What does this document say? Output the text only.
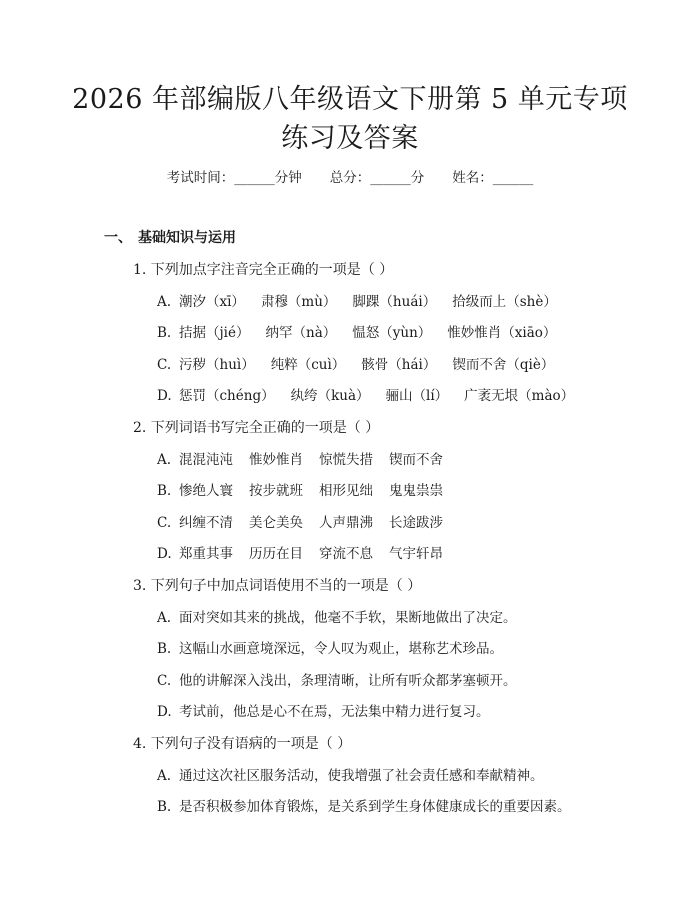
2026 年部编版八年级语文下册第 5 单元专项
练习及答案
考试时间：______分钟 总分：______分 姓名：______
一、 基础知识与运用
1. 下列加点字注音完全正确的一项是（ ）
A. 潮汐（xī） 肃穆（mù） 脚踝（huái） 拾级而上（shè）
B. 拮据（jié） 纳罕（nà） 愠怒（yùn） 惟妙惟肖（xiāo）
C. 污秽（huì） 纯粹（cuì） 骸骨（hái） 锲而不舍（qiè）
D. 惩罚（chéng） 纨绔（kuà） 骊山（lí） 广袤无垠（mào）
2. 下列词语书写完全正确的一项是（ ）
A. 混混沌沌 惟妙惟肖 惊慌失措 锲而不舍
B. 惨绝人寰 按步就班 相形见绌 鬼鬼祟祟
C. 纠缠不清 美仑美奂 人声鼎沸 长途跋涉
D. 郑重其事 历历在目 穿流不息 气宇轩昂
3. 下列句子中加点词语使用不当的一项是（ ）
A. 面对突如其来的挑战，他毫不手软，果断地做出了决定。
B. 这幅山水画意境深远，令人叹为观止，堪称艺术珍品。
C. 他的讲解深入浅出，条理清晰，让所有听众都茅塞顿开。
D. 考试前，他总是心不在焉，无法集中精力进行复习。
4. 下列句子没有语病的一项是（ ）
A. 通过这次社区服务活动，使我增强了社会责任感和奉献精神。
B. 是否积极参加体育锻炼，是关系到学生身体健康成长的重要因素。
